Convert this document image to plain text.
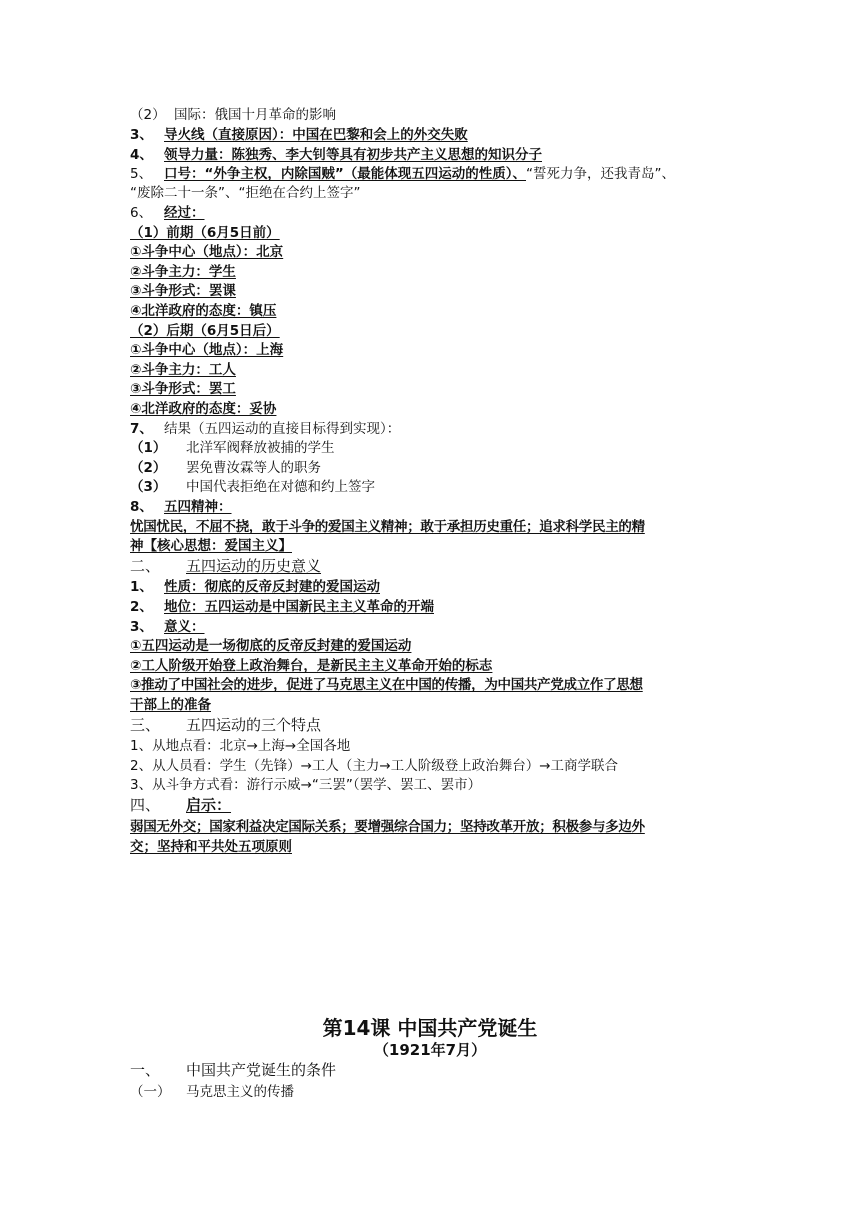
（2） 国际：俄国十月革命的影响
3、 导火线（直接原因）：中国在巴黎和会上的外交失败
4、 领导力量：陈独秀、李大钊等具有初步共产主义思想的知识分子
5、 口号：“外争主权，内除国贼”（最能体现五四运动的性质）、“誓死力争，还我青岛”、
“废除二十一条”、“拒绝在合约上签字”
6、 经过：
（1）前期（6月5日前）
①斗争中心（地点）：北京
②斗争主力：学生
③斗争形式：罢课
④北洋政府的态度：镇压
（2）后期（6月5日后）
①斗争中心（地点）：上海
②斗争主力：工人
③斗争形式：罢工
④北洋政府的态度：妥协
7、 结果（五四运动的直接目标得到实现）：
（1） 北洋军阀释放被捕的学生
（2） 罢免曹汝霖等人的职务
（3） 中国代表拒绝在对德和约上签字
8、 五四精神：
忧国忧民，不屈不挠，敢于斗争的爱国主义精神；敢于承担历史重任；追求科学民主的精
神【核心思想：爱国主义】
二、 五四运动的历史意义
1、 性质：彻底的反帝反封建的爱国运动
2、 地位：五四运动是中国新民主主义革命的开端
3、 意义：
①五四运动是一场彻底的反帝反封建的爱国运动
②工人阶级开始登上政治舞台，是新民主主义革命开始的标志
③推动了中国社会的进步，促进了马克思主义在中国的传播，为中国共产党成立作了思想
干部上的准备
三、 五四运动的三个特点
1、从地点看：北京→上海→全国各地
2、从人员看：学生（先锋）→工人（主力→工人阶级登上政治舞台）→工商学联合
3、从斗争方式看：游行示威→“三罢”（罢学、罢工、罢市）
四、 启示：
弱国无外交；国家利益决定国际关系；要增强综合国力；坚持改革开放；积极参与多边外
交；坚持和平共处五项原则
第14课 中国共产党诞生
（1921年7月）
一、 中国共产党诞生的条件
（一） 马克思主义的传播
